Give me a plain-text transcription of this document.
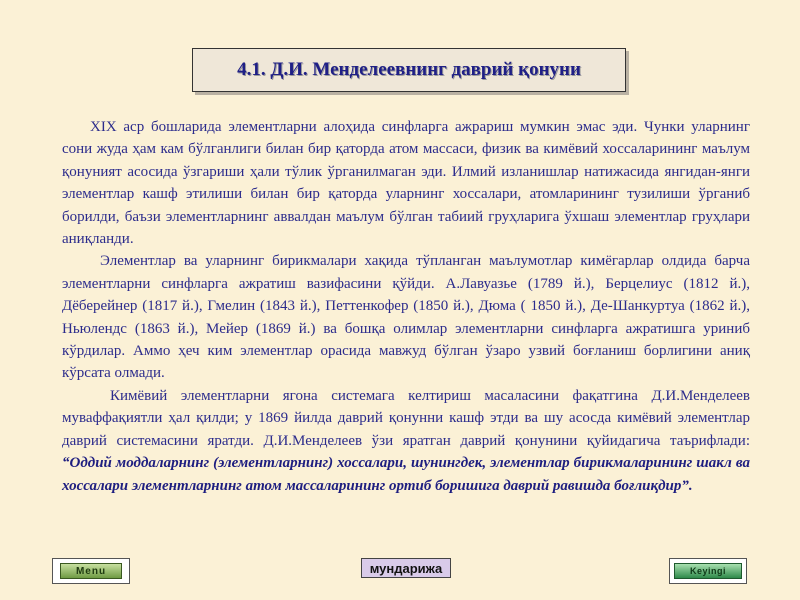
4.1. Д.И. Менделеевнинг даврий қонуни

XIX аср бошларида элементларни алоҳида синфларга ажрариш мумкин эмас эди. Чунки уларнинг сони жуда ҳам кам бўлганлиги билан бир қаторда атом массаси, физик ва кимёвий хоссаларининг маълум қонуният асосида ўзгариши ҳали тўлик ўрганилмаган эди. Илмий изланишлар натижасида янгидан-янги элементлар кашф этилиши билан бир қаторда уларнинг хоссалари, атомларининг тузилиши ўрганиб борилди, баъзи элементларнинг аввалдан маълум бўлган табиий груҳларига ўхшаш элементлар груҳлари аниқланди.

Элементлар ва уларнинг бирикмалари хақида тўпланган маълумотлар кимёгарлар олдида барча элементларни синфларга ажратиш вазифасини қўйди. А.Лавуазье (1789 й.), Берцелиус (1812 й.), Дёберейнер (1817 й.), Гмелин (1843 й.), Петтенкофер (1850 й.), Дюма ( 1850 й.), Де-Шанкуртуа (1862 й.), Ньюлендс (1863 й.), Мейер (1869 й.) ва бошқа олимлар элементларни синфларга ажратишга уриниб кўрдилар. Аммо ҳеч ким элементлар орасида мавжуд бўлган ўзаро узвий боғланиш борлигини аниқ кўрсата олмади.

Кимёвий элементларни ягона системага келтириш масаласини фақатгина Д.И.Менделеев муваффақиятли ҳал қилди; у 1869 йилда даврий қонунни кашф этди ва шу асосда кимёвий элементлар даврий системасини яратди. Д.И.Менделеев ўзи яратган даврий қонунини қуйидагича таърифлади: “Оддий моддаларнинг (элементларнинг) хоссалари, шунингдек, элементлар бирикмаларининг шакл ва хоссалари элементларнинг атом массаларининг ортиб боришига даврий равишда боғлиқдир”.

Menu	мундарижа	Keyingi
